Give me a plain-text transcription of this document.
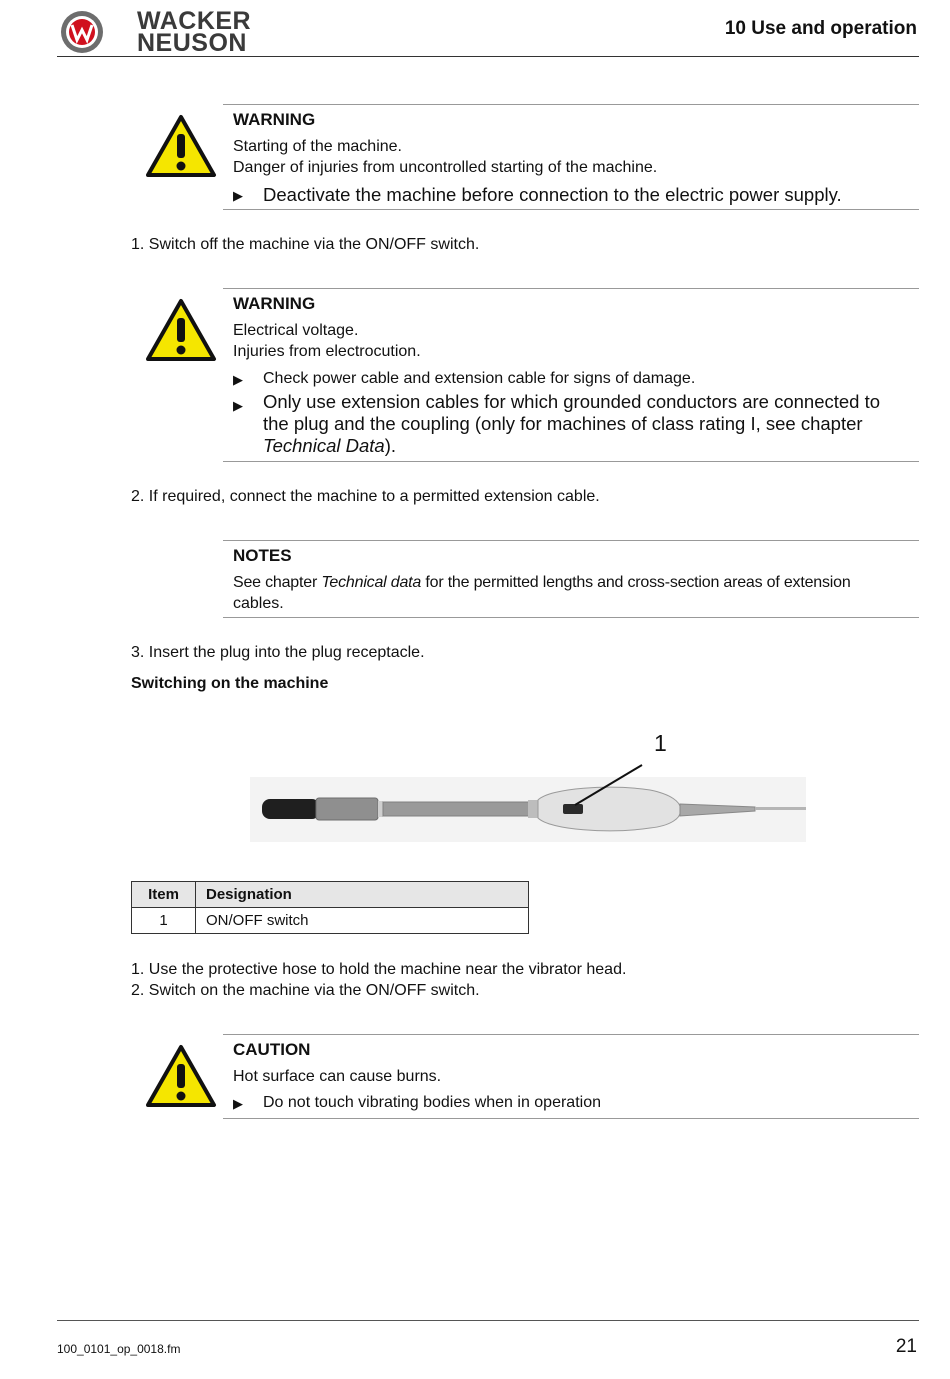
WACKER
NEUSON
10 Use and operation
WARNING
Starting of the machine.
Danger of injuries from uncontrolled starting of the machine.
▶	Deactivate the machine before connection to the electric power supply.
1. Switch off the machine via the ON/OFF switch.
WARNING
Electrical voltage.
Injuries from electrocution.
▶	Check power cable and extension cable for signs of damage.
▶	Only use extension cables for which grounded conductors are connected to
the plug and the coupling (only for machines of class rating I, see chapter
Technical Data).
2. If required, connect the machine to a permitted extension cable.
NOTES
See chapter Technical data for the permitted lengths and cross-section areas of extension
cables.
3. Insert the plug into the plug receptacle.
Switching on the machine
1
Item	Designation
1	ON/OFF switch
1. Use the protective hose to hold the machine near the vibrator head.
2. Switch on the machine via the ON/OFF switch.
CAUTION
Hot surface can cause burns.
▶	Do not touch vibrating bodies when in operation
100_0101_op_0018.fm	21
